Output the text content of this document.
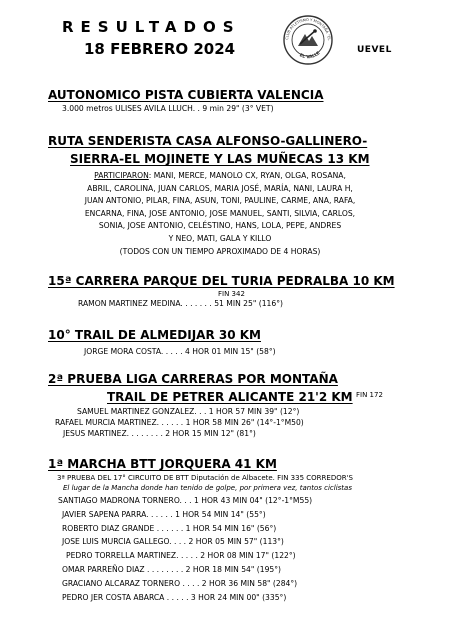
RESULTADOS
18 FEBRERO 2024
CLUB ATLETISMO Y MONTAÑA "EL
EL VALLE	UEVEL

AUTONOMICO PISTA CUBIERTA VALENCIA

3.000 metros ULISES AVILA LLUCH. . 9 min 29" (3° VET)

RUTA SENDERISTA CASA ALFONSO-GALLINERO-

SIERRA-EL MOJINETE Y LAS MUÑECAS 13 KM

PARTICIPARON: MANI, MERCE, MANOLO CX, RYAN, OLGA, ROSANA,

ABRIL, CAROLINA, JUAN CARLOS, MARIA JOSÉ, MARÍA, NANI, LAURA H,

JUAN ANTONIO, PILAR, FINA, ASUN, TONI, PAULINE, CARME, ANA, RAFA,

ENCARNA, FINA, JOSE ANTONIO, JOSE MANUEL, SANTI, SILVIA, CARLOS,

SONIA, JOSE ANTONIO, CELÉSTINO, HANS, LOLA, PEPE, ANDRES

Y NEO, MATI, GALA Y KILLO

(TODOS CON UN TIEMPO APROXIMADO DE 4 HORAS)

15ª CARRERA PARQUE DEL TURIA PEDRALBA 10 KM

FIN 342

RAMON MARTINEZ MEDINA. . . . . . . 51 MIN 25" (116°)

10° TRAIL DE ALMEDIJAR 30 KM

JORGE MORA COSTA. . . . . 4 HOR 01 MIN 15" (58°)

2ª PRUEBA LIGA CARRERAS POR MONTAÑA

TRAIL DE PETRER ALICANTE 21'2 KM FIN 172

SAMUEL MARTINEZ GONZALEZ. . . 1 HOR 57 MIN 39" (12°)

RAFAEL MURCIA MARTINEZ. . . . . . 1 HOR 58 MIN 26" (14°-1°M50)

JESUS MARTINEZ. . . . . . . . 2 HOR 15 MIN 12" (81°)

1ª MARCHA BTT JORQUERA 41 KM

3ª PRUEBA DEL 17° CIRCUITO DE BTT Diputación de Albacete. FIN 335 CORREDOR'S

El lugar de la Mancha donde han tenido de golpe, por primera vez, tantos ciclistas

SANTIAGO MADRONA TORNERO. . . 1 HOR 43 MIN 04" (12°-1°M55)

JAVIER SAPENA PARRA. . . . . . 1 HOR 54 MIN 14" (55°)

ROBERTO DIAZ GRANDE . . . . . . 1 HOR 54 MIN 16" (56°)

JOSE LUIS MURCIA GALLEGO. . . . 2 HOR 05 MIN 57" (113°)

PEDRO TORRELLA MARTINEZ. . . . . 2 HOR 08 MIN 17" (122°)

OMAR PARREÑO DIAZ . . . . . . . . 2 HOR 18 MIN 54" (195°)

GRACIANO ALCARAZ TORNERO . . . . 2 HOR 36 MIN 58" (284°)

PEDRO JER COSTA ABARCA . . . . . 3 HOR 24 MIN 00" (335°)
